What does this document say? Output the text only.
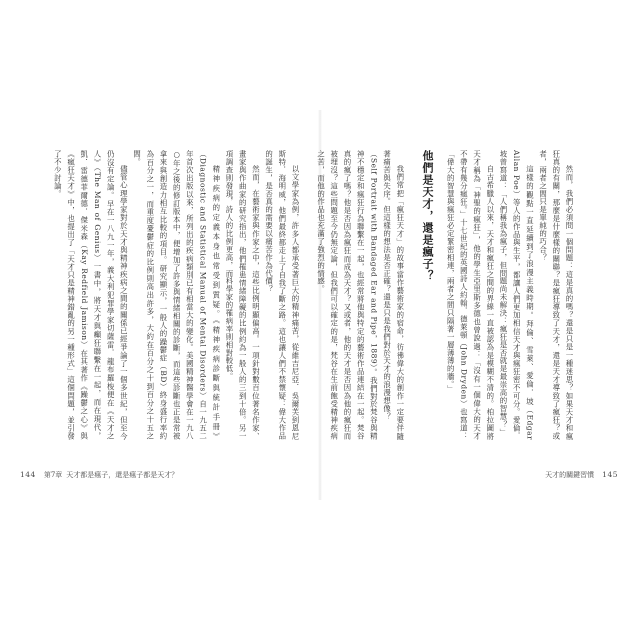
以文學家為例，許多人都承受著巨大的精神痛苦，從維吉尼亞．吳爾芙到恩尼斯特．海明威，他們最終都走上了自我了斷之路。這也讓人們不禁懷疑：偉大作品的誕生，是否真的需要以痛苦作為代價？

然而，在藝術家與作家之中，這些比例明顯偏高。一項針對數百位著名作家、畫家與作曲家的研究指出，他們罹患情緒障礙的比例約為一般人的三到十倍。另一項調查則發現，詩人的比例更高，而科學家的罹病率則相對較低。

精神疾病的定義本身也常受到質疑。《精神疾病診斷與統計手冊》（Diagnostic and Statistical Manual of Mental Disorders）自一九五二年首次出版以來，所列出的疾病類別已有相當大的變化。美國精神醫學會在一九八○年之後的修訂版本中，便增加了許多與情緒相關的診斷，而這些診斷也正是常被拿來與創造力相互比較的項目。研究顯示，一般人的躁鬱症（BD）終身盛行率約為百分之一，而重度憂鬱症的比例則高出許多，大約在百分之十到百分之十五之間。

儘管心理學家對於天才與精神疾病之間的關係已經爭論了一個多世紀，但至今仍沒有定論。早在一八九一年，義大利犯罪學家切薩雷．龍布羅梭便在《天才之人》（The Man of Genius）一書中，將天才與癲狂聯繫在一起，而在現代，凱．雷德菲爾德．傑米森（Kay Redfield Jamison）在其著作《躁鬱之心》與《瘋狂天才》中，也提出了「天才只是精神錯亂的另一種形式」這個問題，並引發了不少討論。

144 第7章 天才都是瘋子，還是瘋子都是天才？

然而，我們必須問一個問題：這是真的嗎？還是只是一種迷思？如果天才和瘋狂真的有關，那麼是什麼樣的關聯？是瘋狂導致了天才，還是天才導致了瘋狂？或者，兩者之間只是單純的巧合？

這樣的觀點一直延續到了浪漫主義時期。拜倫、雪萊、愛倫．坡（Edgar Allan Poe）等人的作品與生平，都讓人們更加相信天才與瘋狂密不可分。愛倫．坡曾寫道：「人們稱我為瘋子，但問題尚未解決：瘋狂是否就是最崇高的智慧？」

自古希臘人以來，天才和瘋狂之間的界線一直被認為是模糊不清的。柏拉圖將天才稱為「神聖的瘋狂」，他的學生亞里斯多德也曾說過：「沒有一個偉大的天才不帶有幾分瘋狂。」十七世紀的英國詩人約翰．德萊頓（John Dryden）也寫道：「偉大的智慧與瘋狂必定緊密相連，兩者之間只隔著一層薄薄的牆。」

他們是天才，還是瘋子？

我們常把「瘋狂天才」的故事當作藝術家的宿命，彷彿偉大的創作一定要伴隨著痛苦與失序。但這樣的想法是否正確？還是只是我們對於天才的浪漫想像？

（Self Portrait with Bandaged Ear and Pipe，1889）。我們對於梵谷與精神不穩定和瘋狂行為聯繫在一起，也經常將他與特定的藝術作品連結在一起。梵谷真的瘋了嗎？他是否因為瘋狂而成為天才？又或者，他的天才是否因為他的瘋狂而被埋沒？這些問題至今仍無定論，但我們可以確定的是，梵谷在生前飽受精神疾病之苦，而他的作品也充滿了強烈的情感。

天才的關鍵習慣 145
